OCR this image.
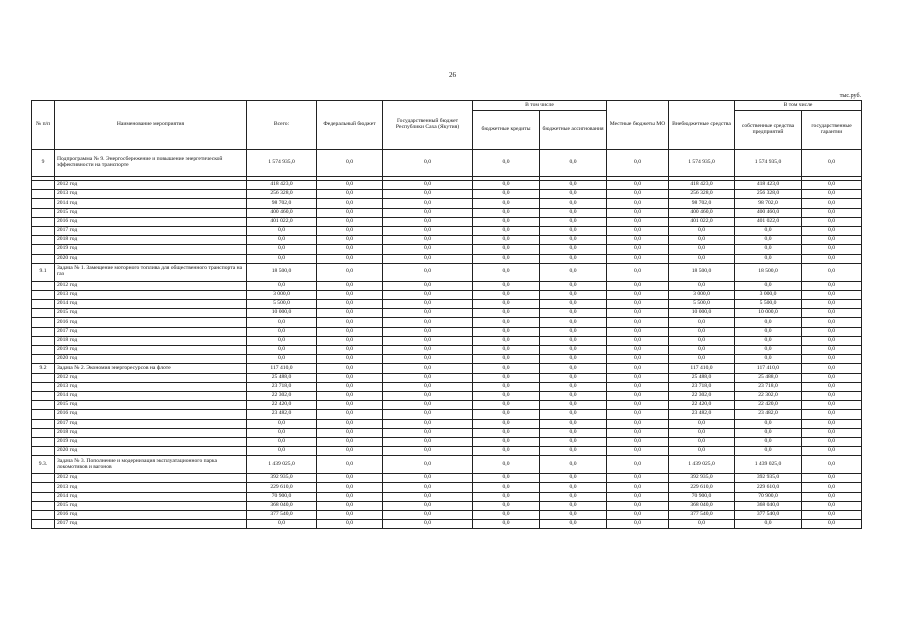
26
тыс.руб.
№ п/п	Наименование мероприятия	Всего:	Федеральный бюджет	Государственный бюджет Республики Саха (Якутия)	В том числе		Местные бюджеты МО	Внебюджетные средства	В том числе	
					бюджетные кредиты	бюджетные ассигнования			собственные средства предприятий	государственные гарантии
9	Подпрограмма № 9. Энергосбережение и повышение энергетической эффективности на транспорте	1 574 935,0	0,0	0,0	0,0	0,0	0,0	1 574 935,0	1 574 935,0	0,0

	2012 год	418 423,0	0,0	0,0	0,0	0,0	0,0	418 423,0	418 423,0	0,0
	2013 год	256 328,0	0,0	0,0	0,0	0,0	0,0	256 328,0	256 328,0	0,0
	2014 год	98 702,0	0,0	0,0	0,0	0,0	0,0	98 702,0	98 702,0	0,0
	2015 год	400 460,0	0,0	0,0	0,0	0,0	0,0	400 460,0	400 460,0	0,0
	2016 год	401 022,0	0,0	0,0	0,0	0,0	0,0	401 022,0	401 022,0	0,0
	2017 год	0,0	0,0	0,0	0,0	0,0	0,0	0,0	0,0	0,0
	2018 год	0,0	0,0	0,0	0,0	0,0	0,0	0,0	0,0	0,0
	2019 год	0,0	0,0	0,0	0,0	0,0	0,0	0,0	0,0	0,0
	2020 год	0,0	0,0	0,0	0,0	0,0	0,0	0,0	0,0	0,0
9.1	Задача № 1. Замещение моторного топлива для общественного транспорта на газ	18 500,0	0,0	0,0	0,0	0,0	0,0	18 500,0	18 500,0	0,0
	2012 год	0,0	0,0	0,0	0,0	0,0	0,0	0,0	0,0	0,0
	2013 год	3 000,0	0,0	0,0	0,0	0,0	0,0	3 000,0	3 000,0	0,0
	2014 год	5 500,0	0,0	0,0	0,0	0,0	0,0	5 500,0	5 500,0	0,0
	2015 год	10 000,0	0,0	0,0	0,0	0,0	0,0	10 000,0	10 000,0	0,0
	2016 год	0,0	0,0	0,0	0,0	0,0	0,0	0,0	0,0	0,0
	2017 год	0,0	0,0	0,0	0,0	0,0	0,0	0,0	0,0	0,0
	2018 год	0,0	0,0	0,0	0,0	0,0	0,0	0,0	0,0	0,0
	2019 год	0,0	0,0	0,0	0,0	0,0	0,0	0,0	0,0	0,0
	2020 год	0,0	0,0	0,0	0,0	0,0	0,0	0,0	0,0	0,0
9.2	Задача № 2. Экономия энергоресурсов на флоте	117 410,0	0,0	0,0	0,0	0,0	0,0	117 410,0	117 410,0	0,0
	2012 год	25 488,0	0,0	0,0	0,0	0,0	0,0	25 488,0	25 488,0	0,0
	2013 год	23 718,0	0,0	0,0	0,0	0,0	0,0	23 718,0	23 718,0	0,0
	2014 год	22 302,0	0,0	0,0	0,0	0,0	0,0	22 302,0	22 302,0	0,0
	2015 год	22 420,0	0,0	0,0	0,0	0,0	0,0	22 420,0	22 420,0	0,0
	2016 год	23 482,0	0,0	0,0	0,0	0,0	0,0	23 482,0	23 482,0	0,0
	2017 год	0,0	0,0	0,0	0,0	0,0	0,0	0,0	0,0	0,0
	2018 год	0,0	0,0	0,0	0,0	0,0	0,0	0,0	0,0	0,0
	2019 год	0,0	0,0	0,0	0,0	0,0	0,0	0,0	0,0	0,0
	2020 год	0,0	0,0	0,0	0,0	0,0	0,0	0,0	0,0	0,0
9.3.	Задача № 3. Пополнение и модернизация эксплуатационного парка локомотивов и вагонов	1 439 025,0	0,0	0,0	0,0	0,0	0,0	1 439 025,0	1 439 025,0	0,0
	2012 год	392 935,0	0,0	0,0	0,0	0,0	0,0	392 935,0	392 935,0	0,0
	2013 год	229 610,0	0,0	0,0	0,0	0,0	0,0	229 610,0	229 610,0	0,0
	2014 год	70 900,0	0,0	0,0	0,0	0,0	0,0	70 900,0	70 900,0	0,0
	2015 год	368 040,0	0,0	0,0	0,0	0,0	0,0	368 040,0	368 040,0	0,0
	2016 год	377 540,0	0,0	0,0	0,0	0,0	0,0	377 540,0	377 540,0	0,0
	2017 год	0,0	0,0	0,0	0,0	0,0	0,0	0,0	0,0	0,0
